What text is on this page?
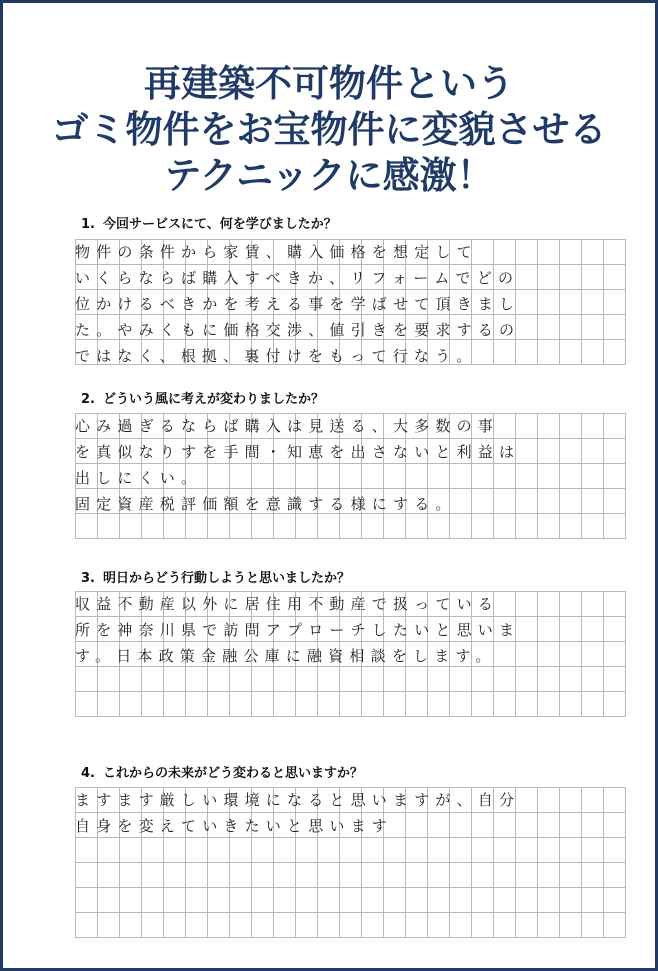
再建築不可物件という
ゴミ物件をお宝物件に変貌させる
テクニックに感激！
1. 今回サービスにて、何を学びましたか？

物件の条件から家賃、購入価格を想定して
いくらならば購入すべきか、リフォームでどの
位かけるべきかを考える事を学ばせて頂きまし
た。やみくもに価格交渉、値引きを要求するの
ではなく、根拠、裏付けをもって行なう。
2. どういう風に考えが変わりましたか？

心み過ぎるならば購入は見送る、大多数の事
を真似なりすを手間・知恵を出さないと利益は
出しにくい。
固定資産税評価額を意識する様にする。
3. 明日からどう行動しようと思いましたか？

収益不動産以外に居住用不動産で扱っている
所を神奈川県で訪問アプローチしたいと思いま
す。日本政策金融公庫に融資相談をします。
4. これからの未来がどう変わると思いますか？

ますます厳しい環境になると思いますが、自分
自身を変えていきたいと思います
